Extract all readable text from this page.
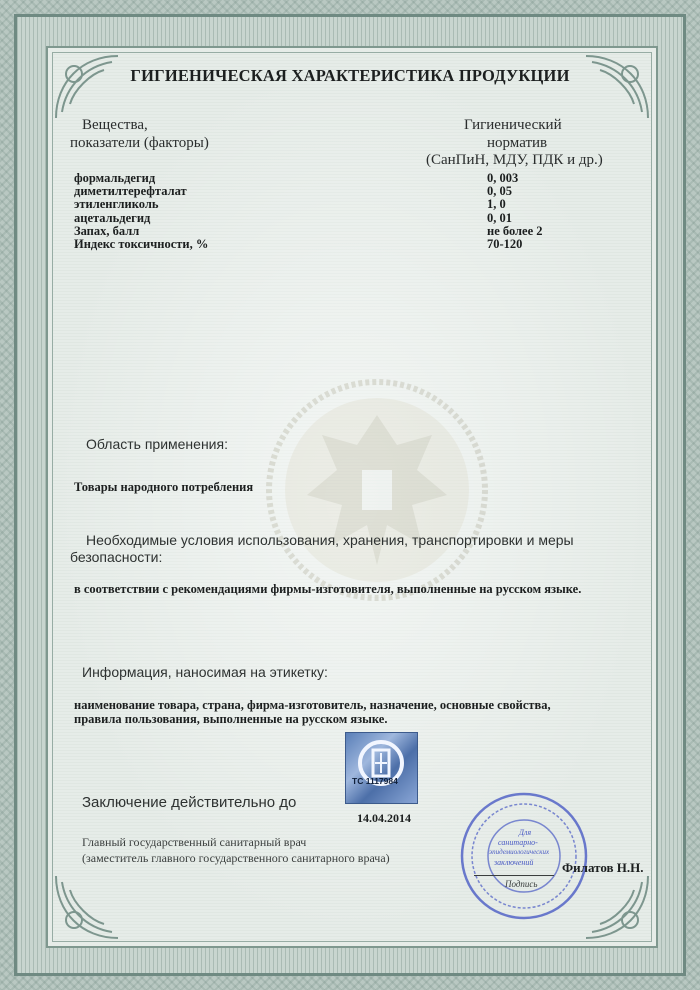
ГИГИЕНИЧЕСКАЯ ХАРАКТЕРИСТИКА ПРОДУКЦИИ
Вещества,
показатели (факторы)
Гигиенический
норматив
(СанПиН, МДУ, ПДК и др.)
формальдегид
диметилтерефталат
этиленгликоль
ацетальдегид
Запах, балл
Индекс токсичности, %
0, 003
0, 05
1, 0
0, 01
не более 2
70-120
Область применения:
Товары народного потребления
Необходимые условия использования, хранения, транспортировки и меры
безопасности:
в соответствии с рекомендациями фирмы-изготовителя, выполненные на русском языке.
Информация, наносимая на этикетку:
наименование товара, страна, фирма-изготовитель, назначение, основные свойства,
правила пользования, выполненные на русском языке.
TC 1117984
Заключение действительно до
14.04.2014
Главный государственный санитарный врач
(заместитель главного государственного санитарного врача)
Для
санитарно-
эпидемиологических
заключений
Подпись
Филатов Н.Н.
